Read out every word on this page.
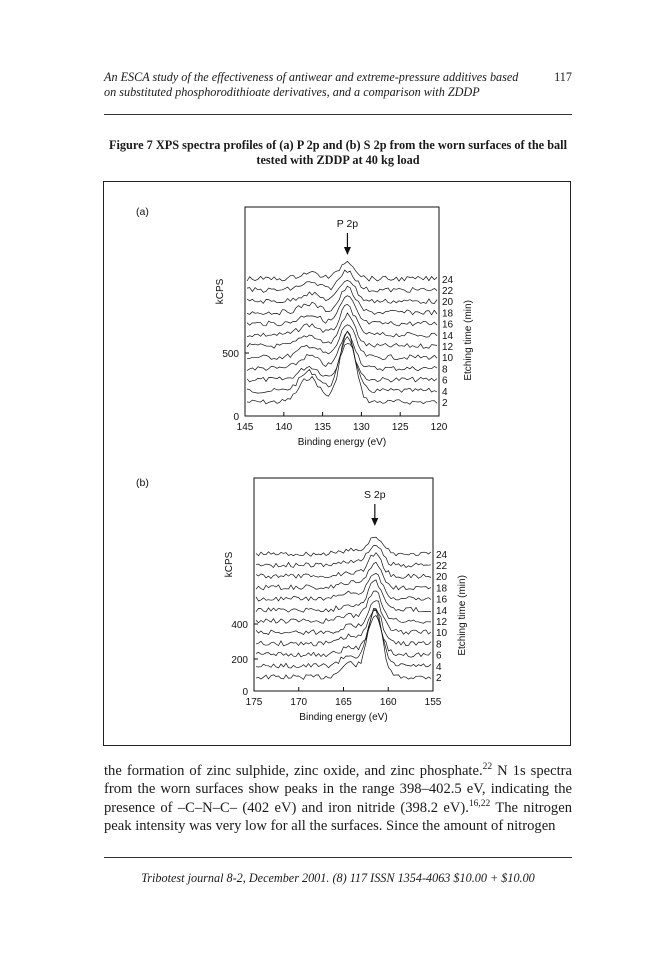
An ESCA study of the effectiveness of antiwear and extreme-pressure additives based on substituted phosphorodithioate derivatives, and a comparison with ZDDP
117
Figure 7 XPS spectra profiles of (a) P 2p and (b) S 2p from the worn surfaces of the ball tested with ZDDP at 40 kg load
(a)
P 2p
145 140 135 130 125 120
Binding energy (eV)
0
500
kCPS
2
4
6
8
10
12
14
16
18
20
22
24
Etching time (min)
(b)
S 2p
175	170	165	160	155
Binding energy (eV)
0
200
400
kCPS
2
4
6
8
10
12
14
16
18
20
22
24
Etching time (min)
the formation of zinc sulphide, zinc oxide, and zinc phosphate.$^{22}$ N 1s spectra from the worn surfaces show peaks in the range 398–402.5 eV, indicating the presence of –C–N–C– (402 eV) and iron nitride (398.2 eV).$^{16,22}$ The nitrogen peak intensity was very low for all the surfaces. Since the amount of nitrogen
Tribotest journal 8-2, December 2001. (8) 117 ISSN 1354-4063 $10.00 + $10.00
